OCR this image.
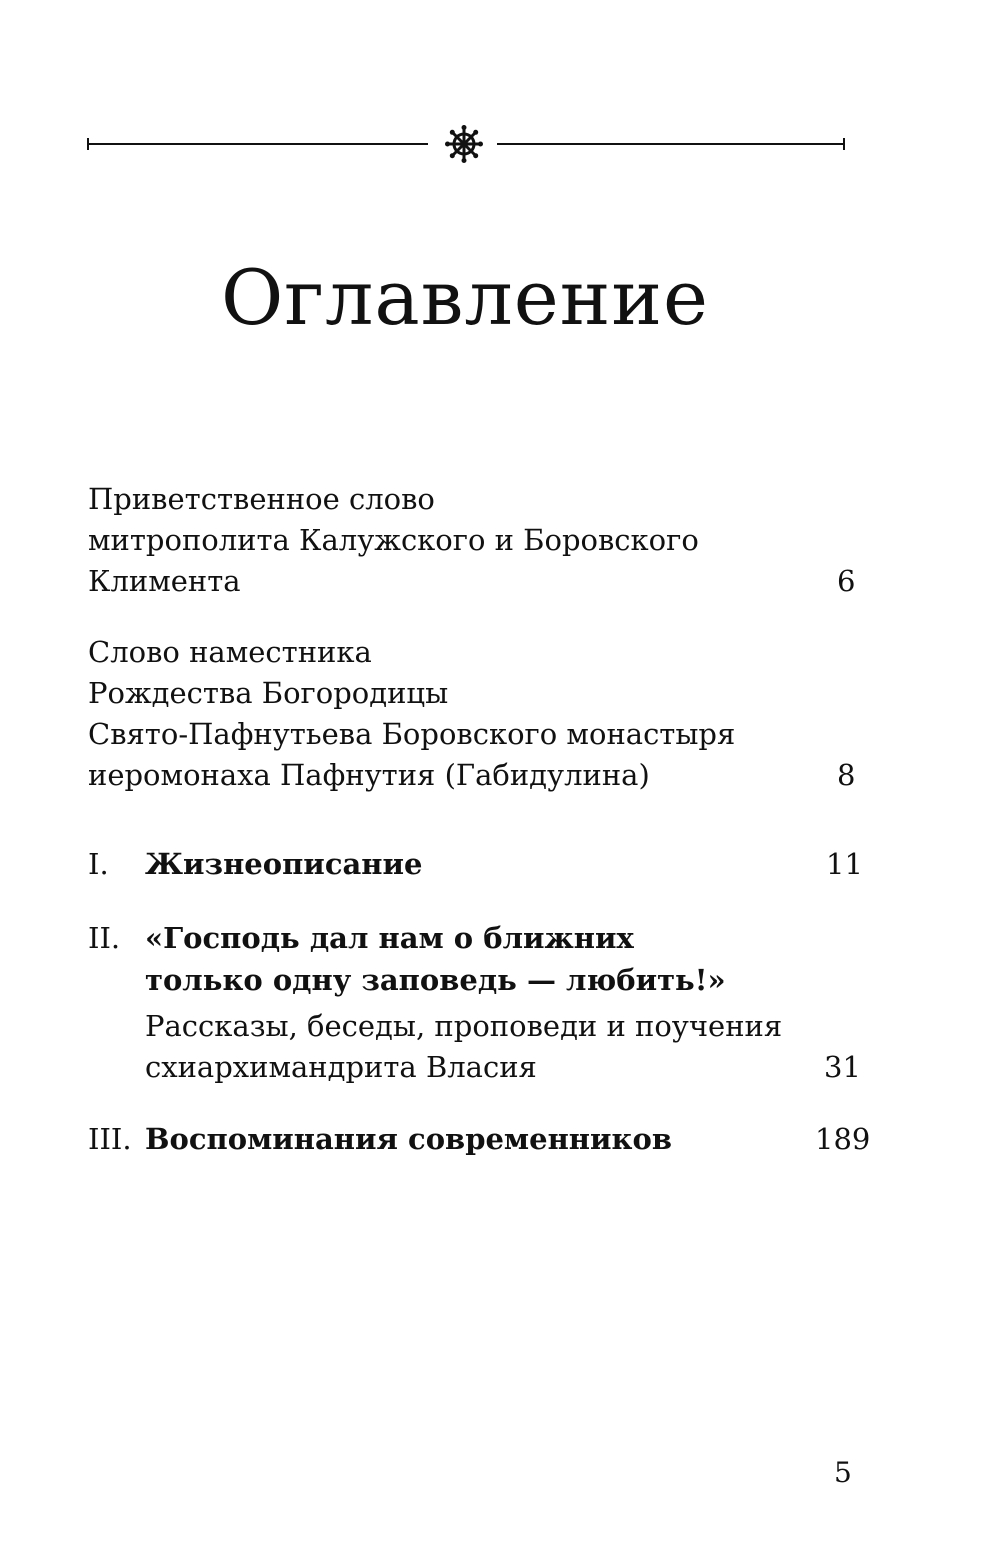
Оглавление
Приветственное слово
митрополита Калужского и Боровского
Климента	6
Слово наместника
Рождества Богородицы
Свято-Пафнутьева Боровского монастыря
иеромонаха Пафнутия (Габидулина)	8
I. Жизнеописание	11
II. «Господь дал нам о ближних
только одну заповедь — любить!»
Рассказы, беседы, проповеди и поучения
схиархимандрита Власия	31
III. Воспоминания современников	189
5
